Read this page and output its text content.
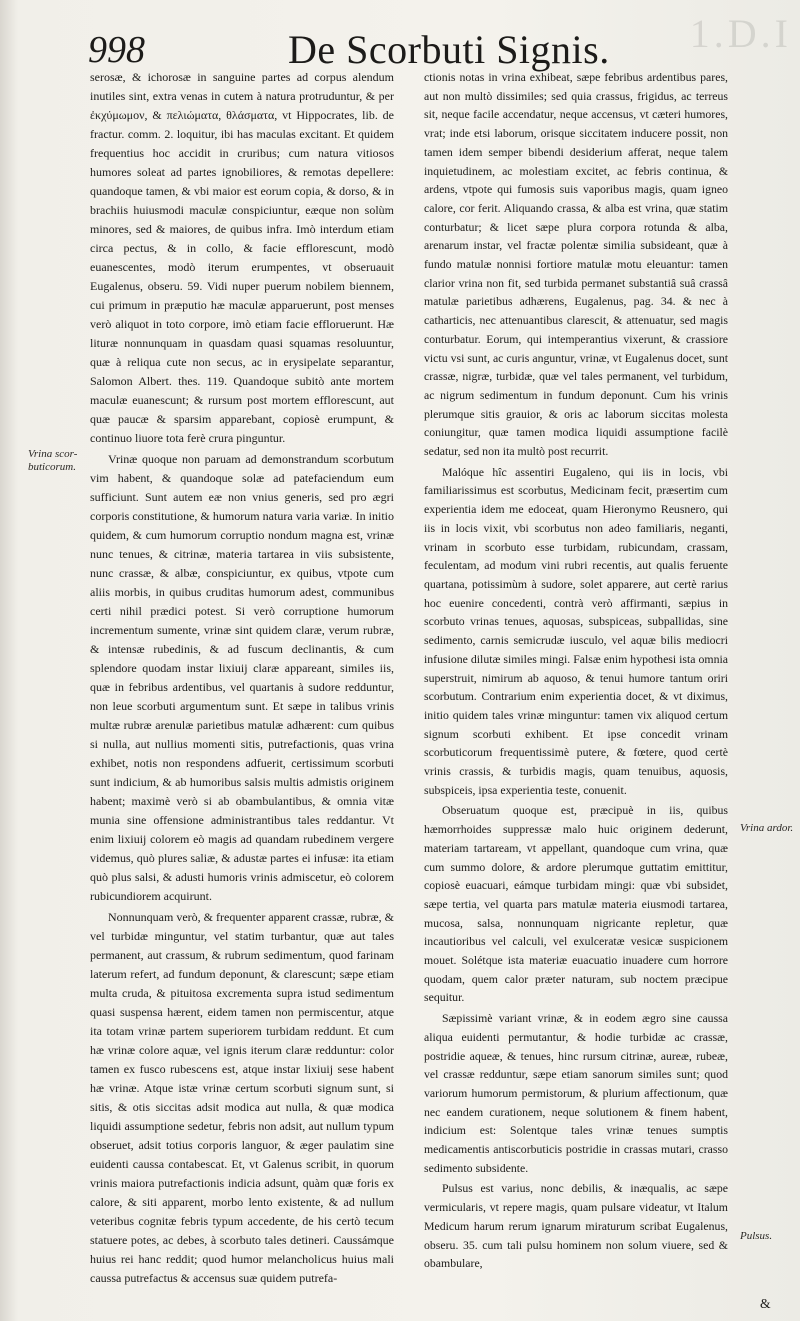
1.D.I
998	De Scorbuti Signis.
Vrina scor-
buticorum.
Vrina ardor.
Pulsus.

serosæ, & ichorosæ in sanguine partes ad corpus alendum inutiles sint, extra venas in cutem à natura protruduntur, & per ἐκχύμωμον, & πελιώματα, θλάσματα, vt Hippocrates, lib. de fractur. comm. 2. loquitur, ibi has maculas excitant. Et quidem frequentius hoc accidit in cruribus; cum natura vitiosos humores soleat ad partes ignobiliores, & remotas depellere: quandoque tamen, & vbi maior est eorum copia, & dorso, & in brachiis huiusmodi maculæ conspiciuntur, eæque non solùm minores, sed & maiores, de quibus infra. Imò interdum etiam circa pectus, & in collo, & facie efflorescunt, modò euanescentes, modò iterum erumpentes, vt obseruauit Eugalenus, obseru. 59. Vidi nuper puerum nobilem biennem, cui primum in præputio hæ maculæ apparuerunt, post menses verò aliquot in toto corpore, imò etiam facie effloruerunt. Hæ lituræ nonnunquam in quasdam quasi squamas resoluuntur, quæ à reliqua cute non secus, ac in erysipelate separantur, Salomon Albert. thes. 119. Quandoque subitò ante mortem maculæ euanescunt; & rursum post mortem efflorescunt, aut quæ paucæ & sparsim apparebant, copiosè erumpunt, & continuo liuore tota ferè crura pinguntur.

Vrinæ quoque non paruam ad demonstrandum scorbutum vim habent, & quandoque solæ ad patefaciendum eum sufficiunt. Sunt autem eæ non vnius generis, sed pro ægri corporis constitutione, & humorum natura varia variæ. In initio quidem, & cum humorum corruptio nondum magna est, vrinæ nunc tenues, & citrinæ, materia tartarea in viis subsistente, nunc crassæ, & albæ, conspiciuntur, ex quibus, vtpote cum aliis morbis, in quibus cruditas humorum adest, communibus certi nihil prædici potest. Si verò corruptione humorum incrementum sumente, vrinæ sint quidem claræ, verum rubræ, & intensæ rubedinis, & ad fuscum declinantis, & cum splendore quodam instar lixiuij claræ appareant, similes iis, quæ in febribus ardentibus, vel quartanis à sudore redduntur, non leue scorbuti argumentum sunt. Et sæpe in talibus vrinis multæ rubræ arenulæ parietibus matulæ adhærent: cum quibus si nulla, aut nullius momenti sitis, putrefactionis, quas vrina exhibet, notis non respondens adfuerit, certissimum scorbuti sunt indicium, & ab humoribus salsis multis admistis originem habent; maximè verò si ab obambulantibus, & omnia vitæ munia sine offensione administrantibus tales reddantur. Vt enim lixiuij colorem eò magis ad quandam rubedinem vergere videmus, quò plures saliæ, & adustæ partes ei infusæ: ita etiam quò plus salsi, & adusti humoris vrinis admiscetur, eò colorem rubicundiorem acquirunt.

Nonnunquam verò, & frequenter apparent crassæ, rubræ, & vel turbidæ minguntur, vel statim turbantur, quæ aut tales permanent, aut crassum, & rubrum sedimentum, quod farinam laterum refert, ad fundum deponunt, & clarescunt; sæpe etiam multa cruda, & pituitosa excrementa supra istud sedimentum quasi suspensa hærent, eidem tamen non permiscentur, atque ita totam vrinæ partem superiorem turbidam reddunt. Et cum hæ vrinæ colore aquæ, vel ignis iterum claræ redduntur: color tamen ex fusco rubescens est, atque instar lixiuij sese habent hæ vrinæ. Atque istæ vrinæ certum scorbuti signum sunt, si sitis, & otis siccitas adsit modica aut nulla, & quæ modica liquidi assumptione sedetur, febris non adsit, aut nullum typum obseruet, adsit totius corporis languor, & æger paulatim sine euidenti caussa contabescat. Et, vt Galenus scribit, in quorum vrinis maiora putrefactionis indicia adsunt, quàm quæ foris ex calore, & siti apparent, morbo lento existente, & ad nullum veteribus cognitæ febris typum accedente, de his certò tecum statuere potes, ac debes, à scorbuto tales detineri. Caussámque huius rei hanc reddit; quod humor melancholicus huius mali caussa putrefactus & accensus suæ quidem putrefa-

ctionis notas in vrina exhibeat, sæpe febribus ardentibus pares, aut non multò dissimiles; sed quia crassus, frigidus, ac terreus sit, neque facile accendatur, neque accensus, vt cæteri humores, vrat; inde etsi laborum, orisque siccitatem inducere possit, non tamen idem semper bibendi desiderium afferat, neque talem inquietudinem, ac molestiam excitet, ac febris continua, & ardens, vtpote qui fumosis suis vaporibus magis, quam igneo calore, cor ferit. Aliquando crassa, & alba est vrina, quæ statim conturbatur; & licet sæpe plura corpora rotunda & alba, arenarum instar, vel fractæ polentæ similia subsideant, quæ à fundo matulæ nonnisi fortiore matulæ motu eleuantur: tamen clarior vrina non fit, sed turbida permanet substantiâ suâ crassâ matulæ parietibus adhærens, Eugalenus, pag. 34. & nec à catharticis, nec attenuantibus clarescit, & attenuatur, sed magis conturbatur. Eorum, qui intemperantius vixerunt, & crassiore victu vsi sunt, ac curis anguntur, vrinæ, vt Eugalenus docet, sunt crassæ, nigræ, turbidæ, quæ vel tales permanent, vel turbidum, ac nigrum sedimentum in fundum deponunt. Cum his vrinis plerumque sitis grauior, & oris ac laborum siccitas molesta coniungitur, quæ tamen modica liquidi assumptione facilè sedatur, sed non ita multò post recurrit.

Malóque hîc assentiri Eugaleno, qui iis in locis, vbi familiarissimus est scorbutus, Medicinam fecit, præsertim cum experientia idem me edoceat, quam Hieronymo Reusnero, qui iis in locis vixit, vbi scorbutus non adeo familiaris, neganti, vrinam in scorbuto esse turbidam, rubicundam, crassam, feculentam, ad modum vini rubri recentis, aut qualis feruente quartana, potissimùm à sudore, solet apparere, aut certè rarius hoc euenire concedenti, contrà verò affirmanti, sæpius in scorbuto vrinas tenues, aquosas, subspiceas, subpallidas, sine sedimento, carnis semicrudæ iusculo, vel aquæ bilis mediocri infusione dilutæ similes mingi. Falsæ enim hypothesi ista omnia superstruit, nimirum ab aquoso, & tenui humore tantum oriri scorbutum. Contrarium enim experientia docet, & vt diximus, initio quidem tales vrinæ minguntur: tamen vix aliquod certum signum scorbuti exhibent. Et ipse concedit vrinam scorbuticorum frequentissimè putere, & fœtere, quod certè vrinis crassis, & turbidis magis, quam tenuibus, aquosis, subspiceis, ipsa experientia teste, conuenit.

Obseruatum quoque est, præcipuè in iis, quibus hæmorrhoides suppressæ malo huic originem dederunt, materiam tartaream, vt appellant, quandoque cum vrina, quæ cum summo dolore, & ardore plerumque guttatim emittitur, copiosè euacuari, eámque turbidam mingi: quæ vbi subsidet, sæpe tertia, vel quarta pars matulæ materia eiusmodi tartarea, mucosa, salsa, nonnunquam nigricante repletur, quæ incautioribus vel calculi, vel exulceratæ vesicæ suspicionem mouet. Solétque ista materiæ euacuatio inuadere cum horrore quodam, quem calor præter naturam, sub noctem præcipue sequitur.

Sæpissimè variant vrinæ, & in eodem ægro sine caussa aliqua euidenti permutantur, & hodie turbidæ ac crassæ, postridie aqueæ, & tenues, hinc rursum citrinæ, aureæ, rubeæ, vel crassæ redduntur, sæpe etiam sanorum similes sunt; quod variorum humorum permistorum, & plurium affectionum, quæ nec eandem curationem, neque solutionem & finem habent, indicium est: Solentque tales vrinæ tenues sumptis medicamentis antiscorbuticis postridie in crassas mutari, crasso sedimento subsidente.

Pulsus est varius, nonc debilis, & inæqualis, ac sæpe vermicularis, vt repere magis, quam pulsare videatur, vt Italum Medicum harum rerum ignarum miraturum scribat Eugalenus, obseru. 35. cum tali pulsu hominem non solum viuere, sed & obambulare,

&
